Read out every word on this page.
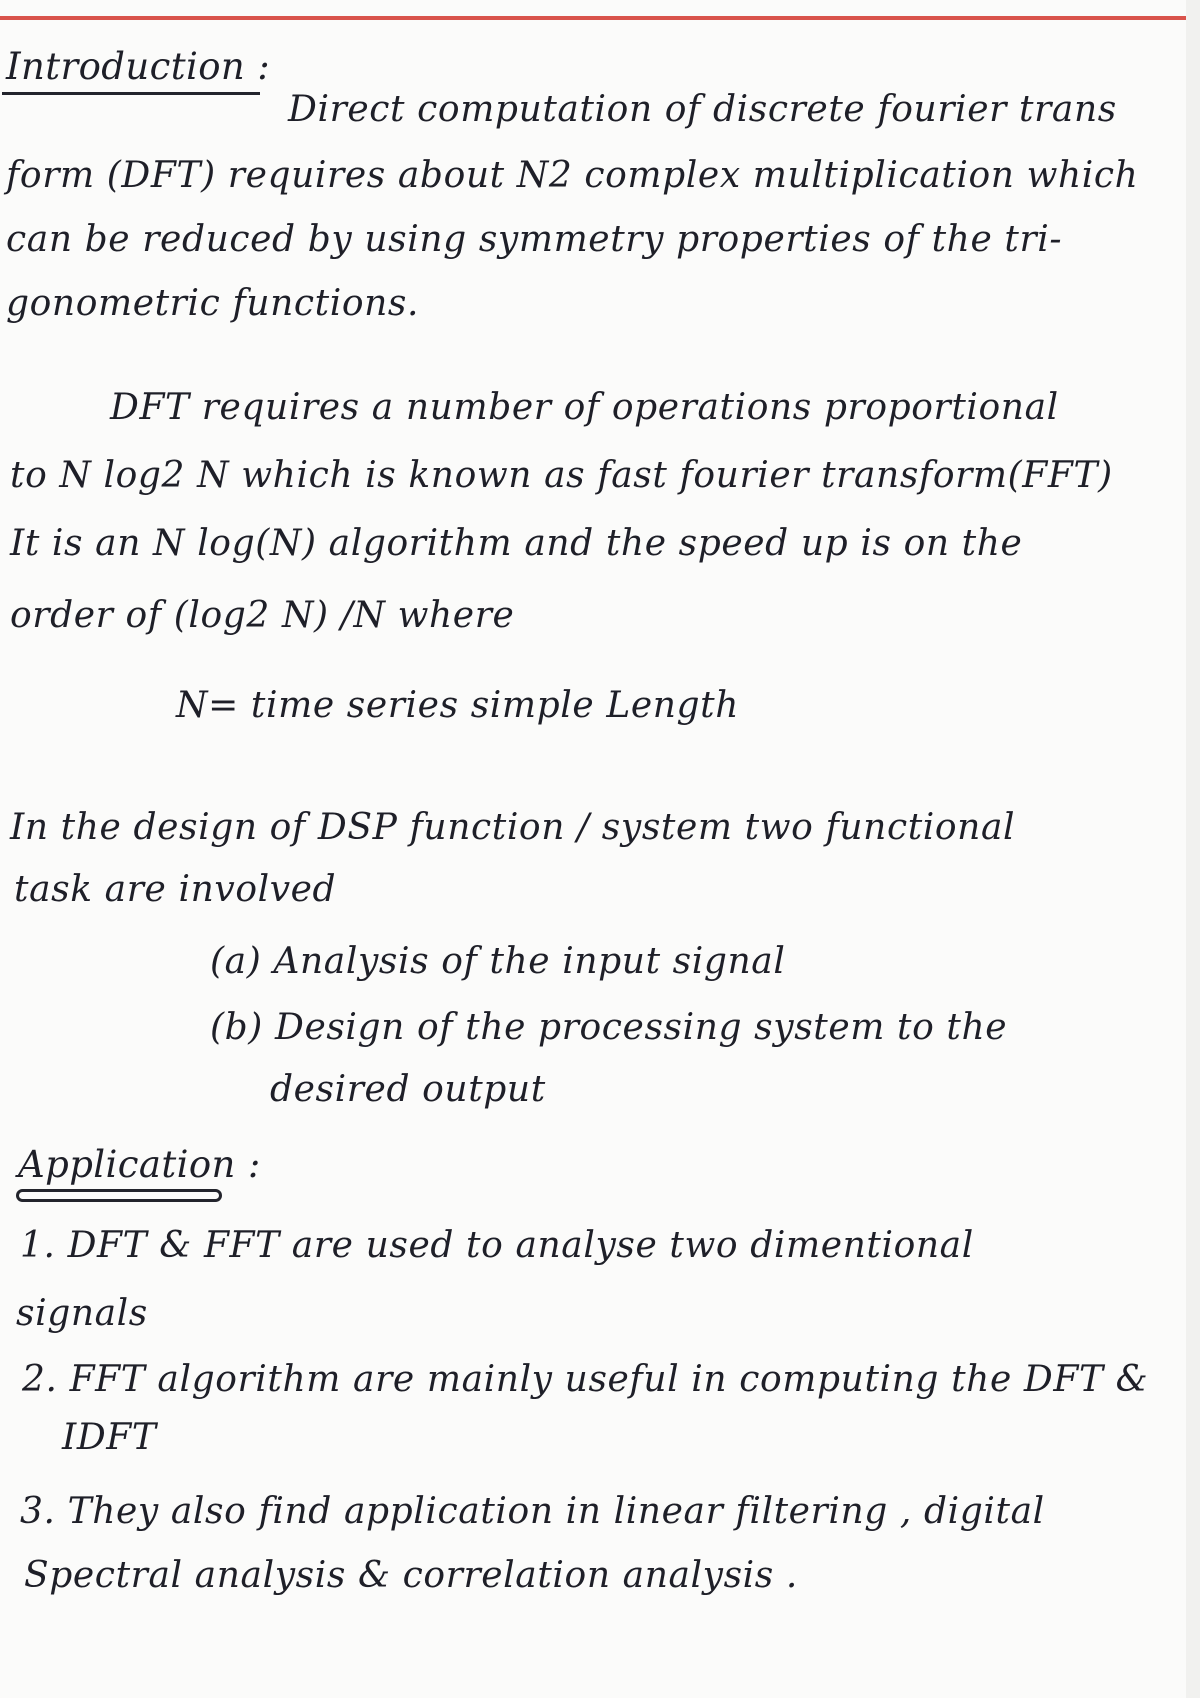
Introduction :
Direct computation of discrete fourier trans
form (DFT) requires about N2 complex multiplication which
can be reduced by using symmetry properties of the tri-
gonometric functions.
DFT requires a number of operations proportional
to N log2 N which is known as fast fourier transform(FFT)
It is an N log(N) algorithm and the speed up is on the
order of (log2 N) /N where
N= time series simple Length
In the design of DSP function / system two functional
task are involved
(a) Analysis of the input signal
(b) Design of the processing system to the
desired output
Application :
1. DFT & FFT are used to analyse two dimentional
signals
2. FFT algorithm are mainly useful in computing the DFT &
IDFT
3. They also find application in linear filtering , digital
Spectral analysis & correlation analysis .
